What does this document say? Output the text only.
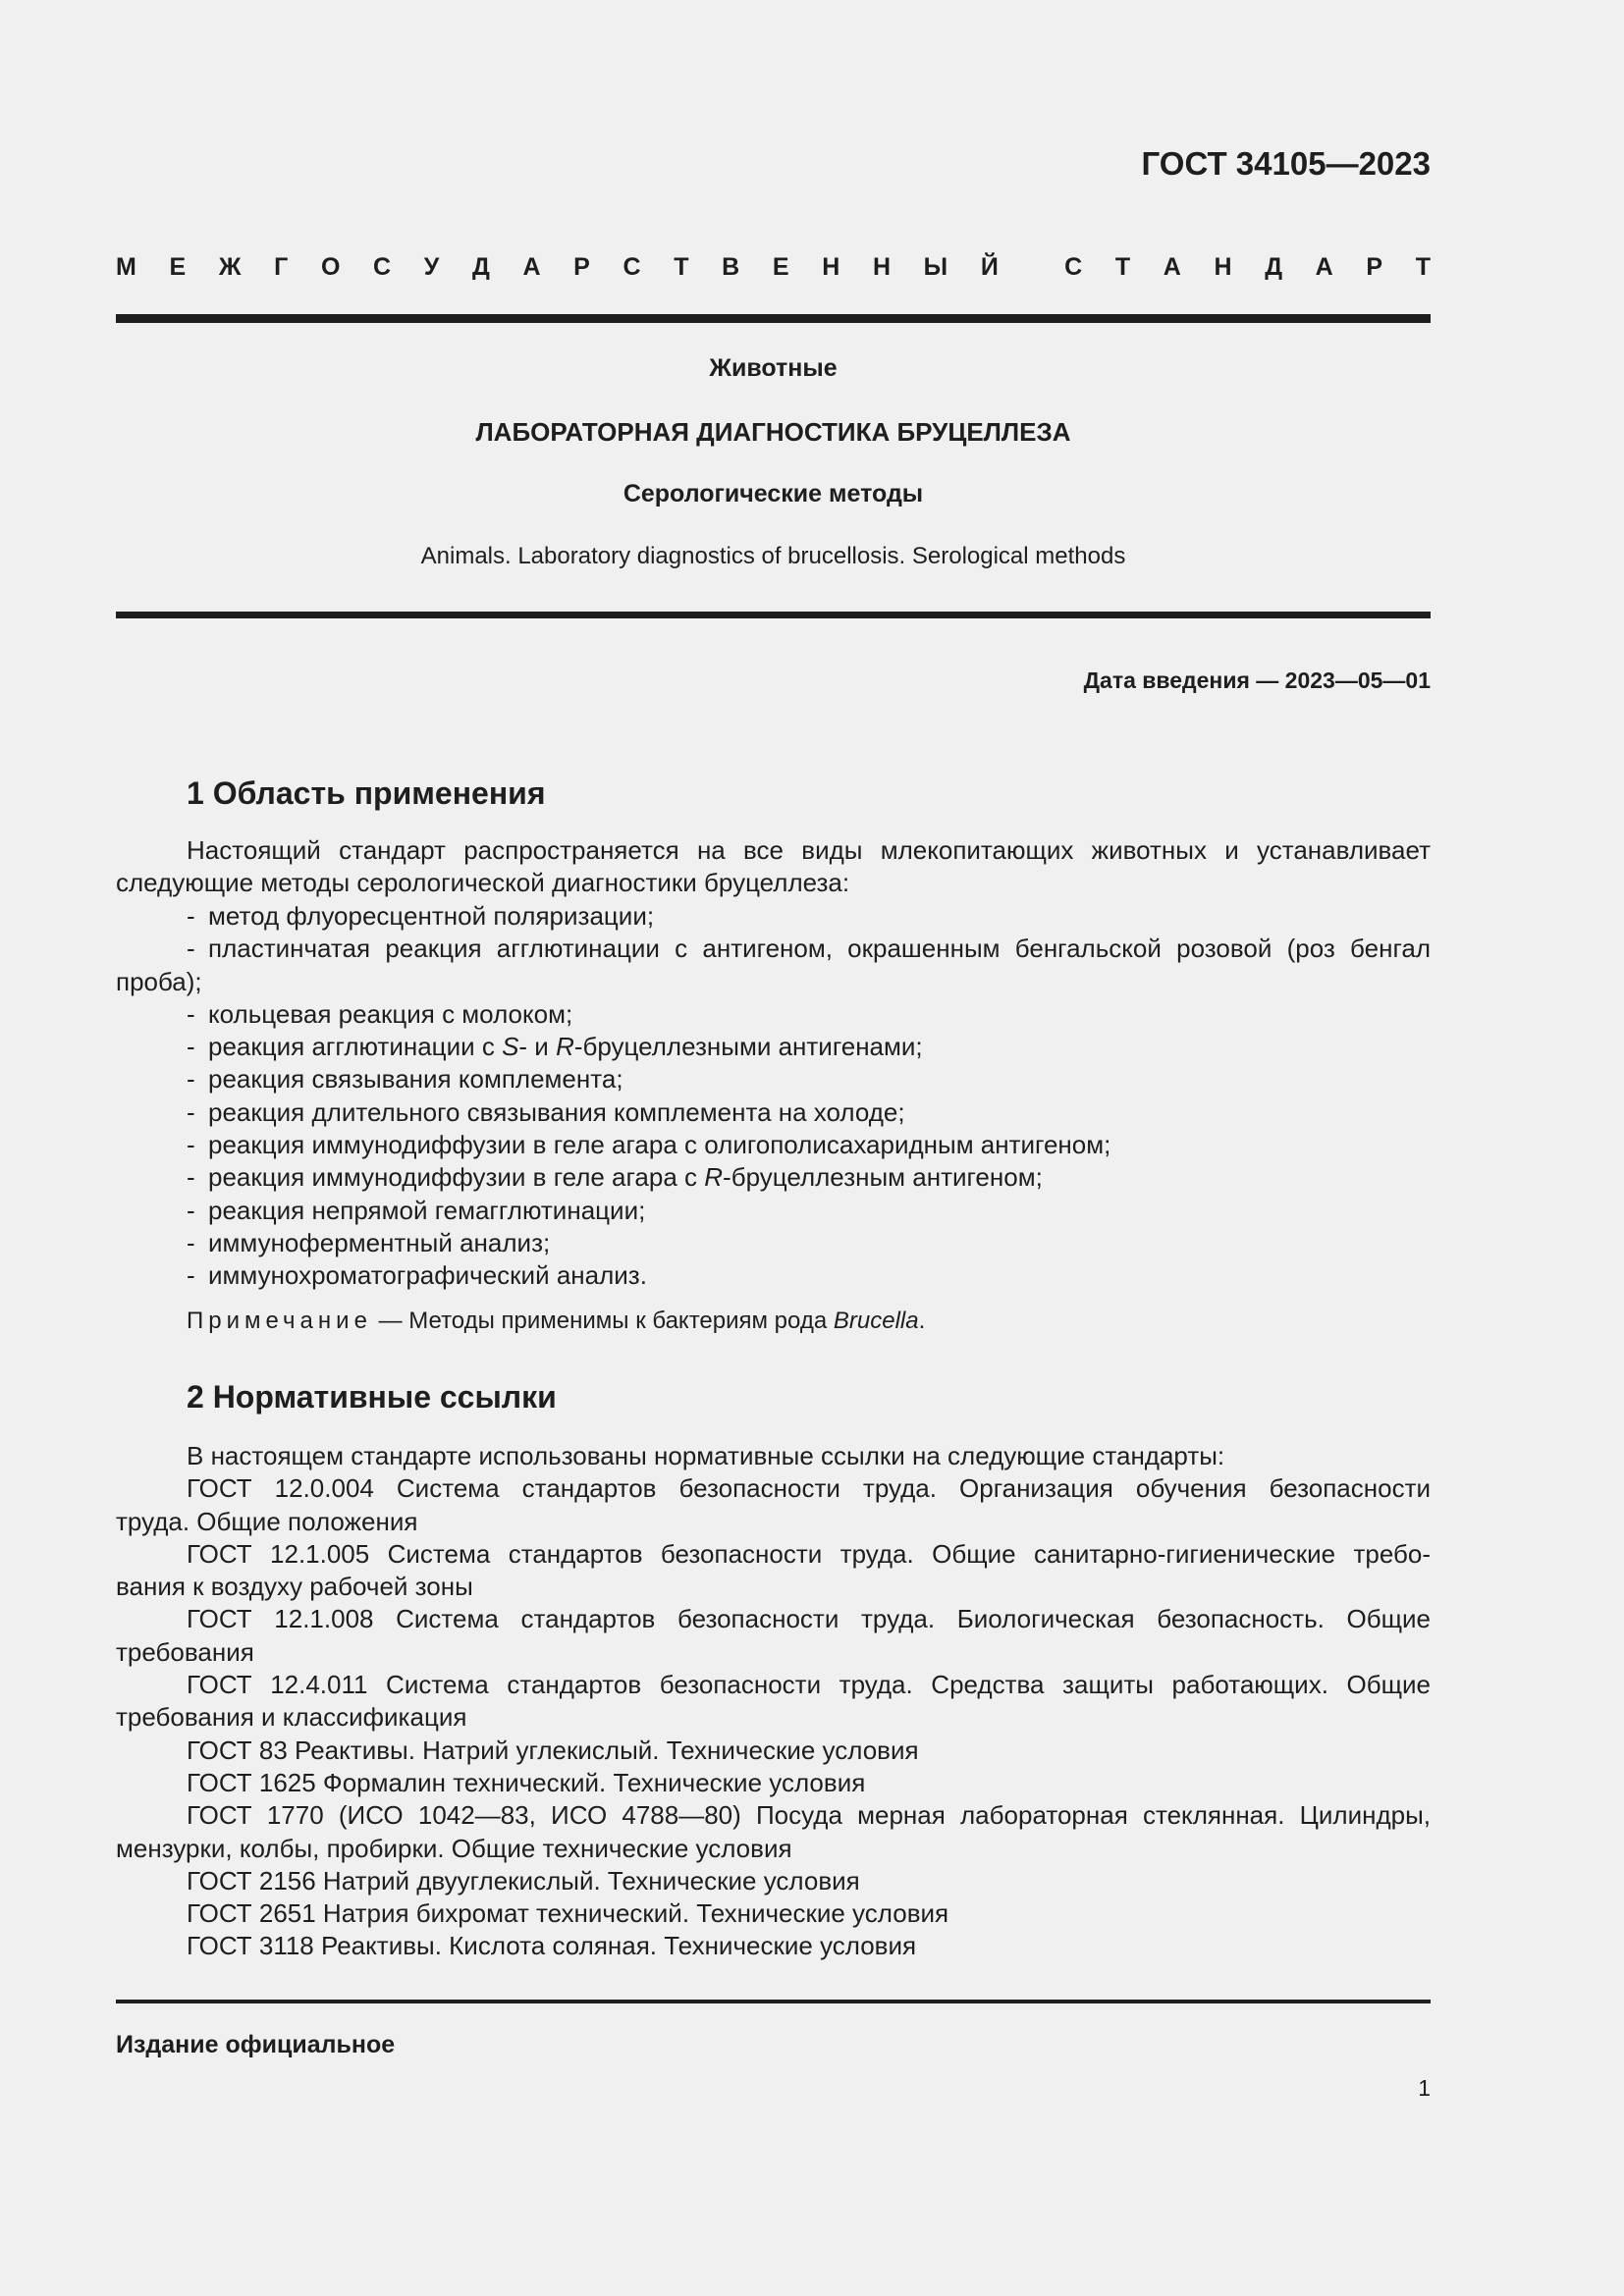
ГОСТ 34105—2023
М Е Ж Г О С У Д А Р С Т В Е Н Н Ы Й	С Т А Н Д А Р Т
Животные
ЛАБОРАТОРНАЯ ДИАГНОСТИКА БРУЦЕЛЛЕЗА
Серологические методы
Animals. Laboratory diagnostics of brucellosis. Serological methods
Дата введения — 2023—05—01
1 Область применения
Настоящий стандарт распространяется на все виды млекопитающих животных и устанавливает
следующие методы серологической диагностики бруцеллеза:
- метод флуоресцентной поляризации;
- пластинчатая реакция агглютинации с антигеном, окрашенным бенгальской розовой (роз бенгал
проба);
- кольцевая реакция с молоком;
- реакция агглютинации с S- и R-бруцеллезными антигенами;
- реакция связывания комплемента;
- реакция длительного связывания комплемента на холоде;
- реакция иммунодиффузии в геле агара с олигополисахаридным антигеном;
- реакция иммунодиффузии в геле агара с R-бруцеллезным антигеном;
- реакция непрямой гемагглютинации;
- иммуноферментный анализ;
- иммунохроматографический анализ.
Примечание — Методы применимы к бактериям рода Brucella.
2 Нормативные ссылки
В настоящем стандарте использованы нормативные ссылки на следующие стандарты:
ГОСТ 12.0.004 Система стандартов безопасности труда. Организация обучения безопасности
труда. Общие положения
ГОСТ 12.1.005 Система стандартов безопасности труда. Общие санитарно-гигиенические требо-
вания к воздуху рабочей зоны
ГОСТ 12.1.008 Система стандартов безопасности труда. Биологическая безопасность. Общие
требования
ГОСТ 12.4.011 Система стандартов безопасности труда. Средства защиты работающих. Общие
требования и классификация
ГОСТ 83 Реактивы. Натрий углекислый. Технические условия
ГОСТ 1625 Формалин технический. Технические условия
ГОСТ 1770 (ИСО 1042—83, ИСО 4788—80) Посуда мерная лабораторная стеклянная. Цилиндры,
мензурки, колбы, пробирки. Общие технические условия
ГОСТ 2156 Натрий двууглекислый. Технические условия
ГОСТ 2651 Натрия бихромат технический. Технические условия
ГОСТ 3118 Реактивы. Кислота соляная. Технические условия
Издание официальное
1
